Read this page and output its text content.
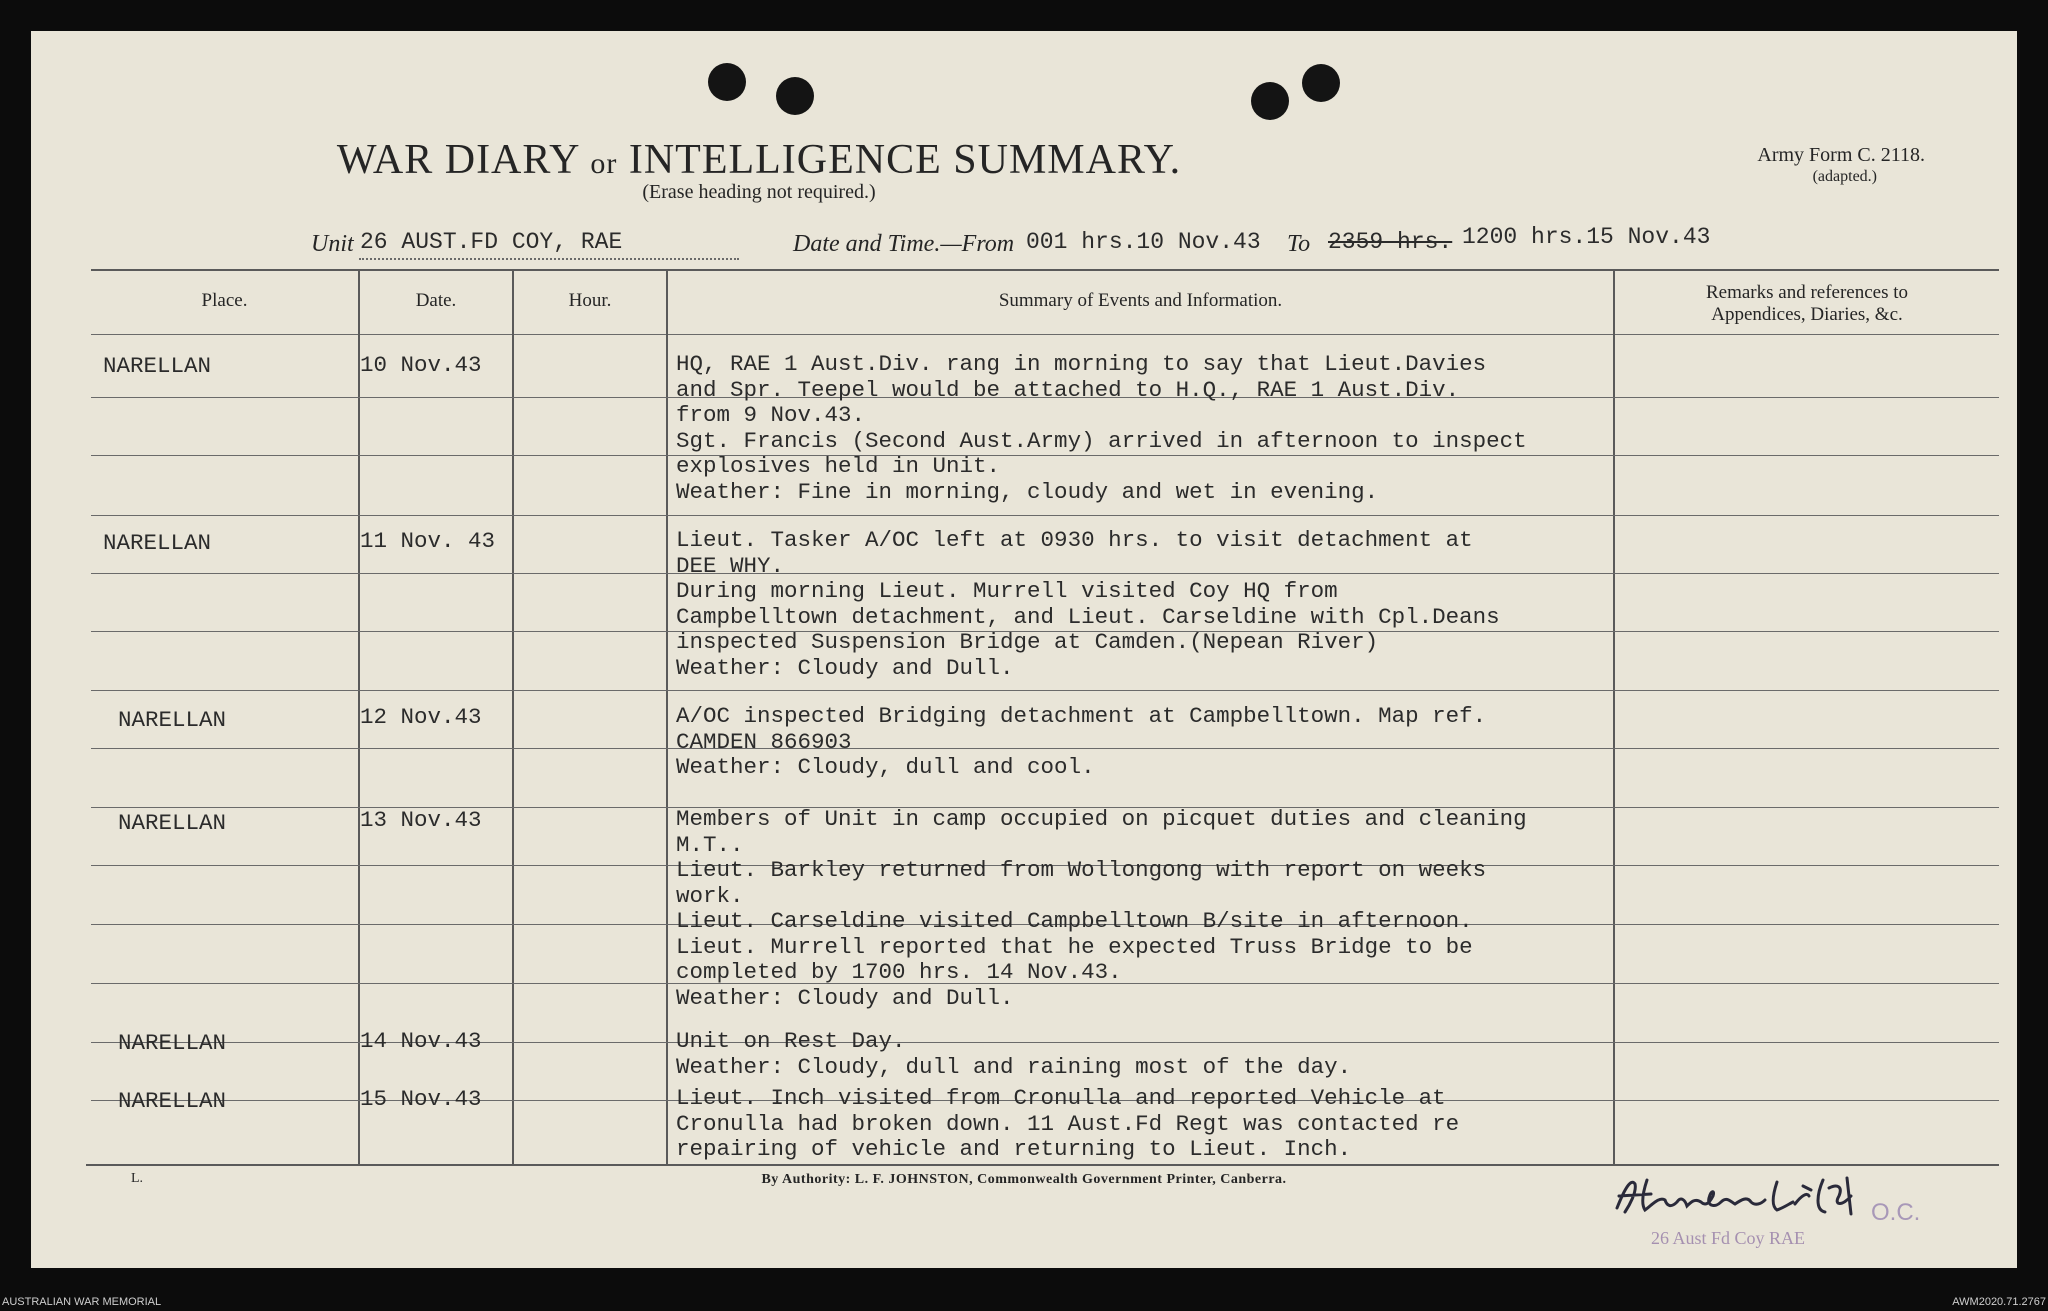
WAR DIARY or INTELLIGENCE SUMMARY.
(Erase heading not required.)
Army Form C. 2118.
(adapted.)
Unit 26 AUST.FD COY, RAE	Date and Time.—From 001 hrs.10 Nov.43 To 2359 hrs. 1200 hrs.15 Nov.43
Place.	Date.	Hour.	Summary of Events and Information.	Remarks and references to
Appendices, Diaries, &c.
NARELLAN	10 Nov.43	HQ, RAE 1 Aust.Div. rang in morning to say that Lieut.Davies
and Spr. Teepel would be attached to H.Q., RAE 1 Aust.Div.
from 9 Nov.43.
Sgt. Francis (Second Aust.Army) arrived in afternoon to inspect
explosives held in Unit.
Weather: Fine in morning, cloudy and wet in evening.
NARELLAN	11 Nov. 43	Lieut. Tasker A/OC left at 0930 hrs. to visit detachment at
DEE WHY.
During morning Lieut. Murrell visited Coy HQ from
Campbelltown detachment, and Lieut. Carseldine with Cpl.Deans
inspected Suspension Bridge at Camden.(Nepean River)
Weather: Cloudy and Dull.
NARELLAN	12 Nov.43	A/OC inspected Bridging detachment at Campbelltown. Map ref.
CAMDEN 866903
Weather: Cloudy, dull and cool.
NARELLAN	13 Nov.43	Members of Unit in camp occupied on picquet duties and cleaning
M.T..
Lieut. Barkley returned from Wollongong with report on weeks
work.
Lieut. Carseldine visited Campbelltown B/site in afternoon.
Lieut. Murrell reported that he expected Truss Bridge to be
completed by 1700 hrs. 14 Nov.43.
Weather: Cloudy and Dull.
NARELLAN	14 Nov.43	Unit on Rest Day.
Weather: Cloudy, dull and raining most of the day.
NARELLAN	15 Nov.43	Lieut. Inch visited from Cronulla and reported Vehicle at
Cronulla had broken down. 11 Aust.Fd Regt was contacted re
repairing of vehicle and returning to Lieut. Inch.
L.	By Authority: L. F. JOHNSTON, Commonwealth Government Printer, Canberra.
O.C.
26 Aust Fd Coy RAE
AUSTRALIAN WAR MEMORIAL	AWM2020.71.2767
